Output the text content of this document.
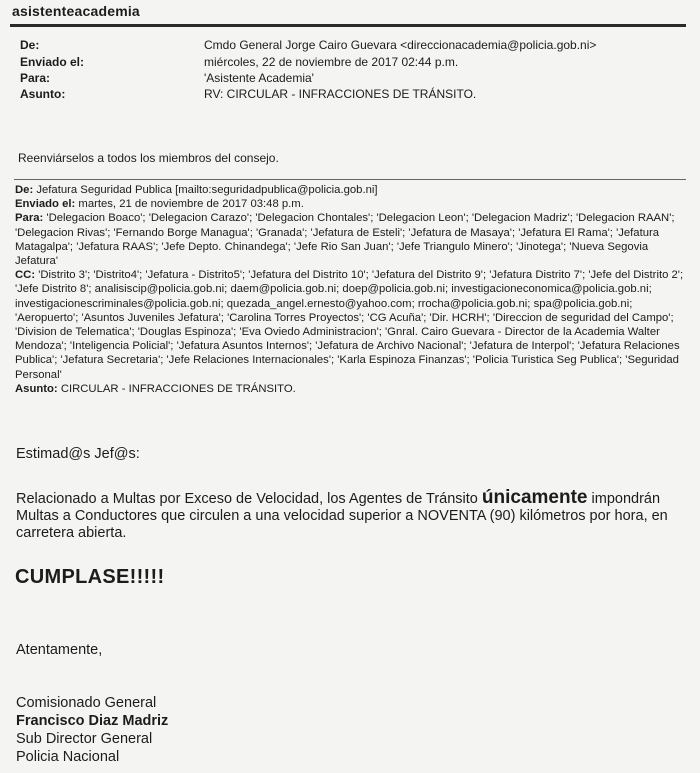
asistenteacademia
De:	Cmdo General Jorge Cairo Guevara <direccionacademia@policia.gob.ni>
Enviado el:	miércoles, 22 de noviembre de 2017 02:44 p.m.
Para:	'Asistente Academia'
Asunto:	RV: CIRCULAR - INFRACCIONES DE TRÁNSITO.
Reenviárselos a todos los miembros del consejo.
De: Jefatura Seguridad Publica [mailto:seguridadpublica@policia.gob.ni]
Enviado el: martes, 21 de noviembre de 2017 03:48 p.m.
Para: 'Delegacion Boaco'; 'Delegacion Carazo'; 'Delegacion Chontales'; 'Delegacion Leon'; 'Delegacion Madriz'; 'Delegacion RAAN'; 'Delegacion Rivas'; 'Fernando Borge Managua'; 'Granada'; 'Jefatura de Esteli'; 'Jefatura de Masaya'; 'Jefatura El Rama'; 'Jefatura Matagalpa'; 'Jefatura RAAS'; 'Jefe Depto. Chinandega'; 'Jefe Rio San Juan'; 'Jefe Triangulo Minero'; 'Jinotega'; 'Nueva Segovia Jefatura'
CC: 'Distrito 3'; 'Distrito4'; 'Jefatura - Distrito5'; 'Jefatura del Distrito 10'; 'Jefatura del Distrito 9'; 'Jefatura Distrito 7'; 'Jefe del Distrito 2'; 'Jefe Distrito 8'; analisiscip@policia.gob.ni; daem@policia.gob.ni; doep@policia.gob.ni; investigacioneconomica@policia.gob.ni; investigacionescriminales@policia.gob.ni; quezada_angel.ernesto@yahoo.com; rrocha@policia.gob.ni; spa@policia.gob.ni; 'Aeropuerto'; 'Asuntos Juveniles Jefatura'; 'Carolina Torres Proyectos'; 'CG Acuña'; 'Dir. HCRH'; 'Direccion de seguridad del Campo'; 'Division de Telematica'; 'Douglas Espinoza'; 'Eva Oviedo Administracion'; 'Gnral. Cairo Guevara - Director de la Academia Walter Mendoza'; 'Inteligencia Policial'; 'Jefatura Asuntos Internos'; 'Jefatura de Archivo Nacional'; 'Jefatura de Interpol'; 'Jefatura Relaciones Publica'; 'Jefatura Secretaria'; 'Jefe Relaciones Internacionales'; 'Karla Espinoza Finanzas'; 'Policia Turistica Seg Publica'; 'Seguridad Personal'
Asunto: CIRCULAR - INFRACCIONES DE TRÁNSITO.
Estimad@s Jef@s:
Relacionado a Multas por Exceso de Velocidad, los Agentes de Tránsito únicamente impondrán Multas a Conductores que circulen a una velocidad superior a NOVENTA (90) kilómetros por hora, en carretera abierta.
CUMPLASE!!!!!
Atentamente,
Comisionado General
Francisco Diaz Madriz
Sub Director General
Policia Nacional
